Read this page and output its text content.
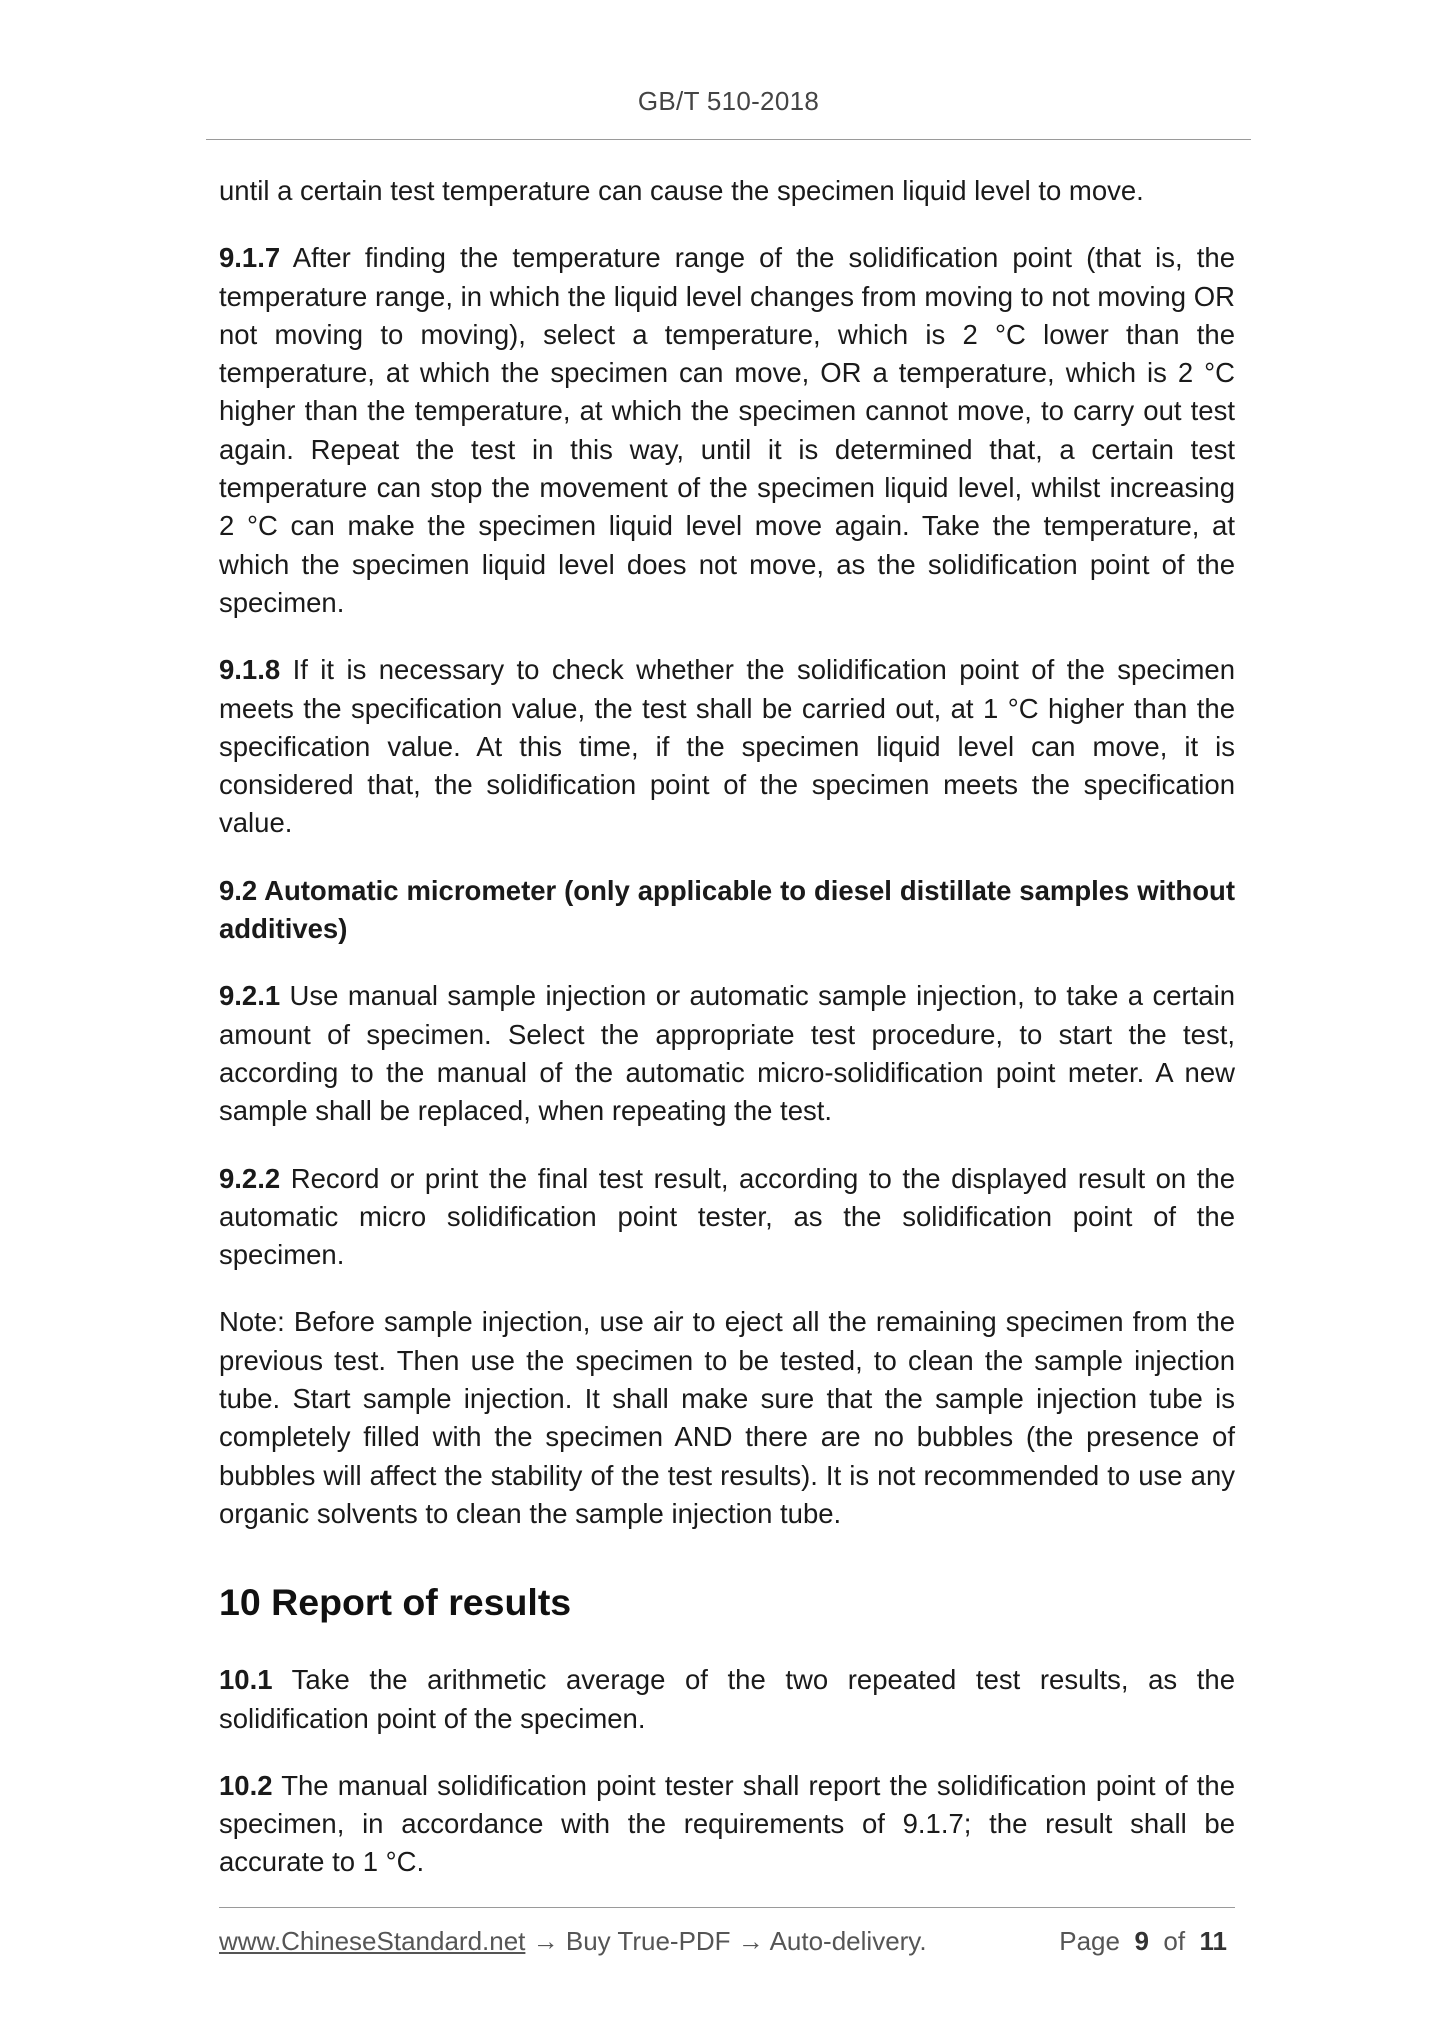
GB/T 510-2018

until a certain test temperature can cause the specimen liquid level to move.

9.1.7 After finding the temperature range of the solidification point (that is, the temperature range, in which the liquid level changes from moving to not moving OR not moving to moving), select a temperature, which is 2 °C lower than the temperature, at which the specimen can move, OR a temperature, which is 2 °C higher than the temperature, at which the specimen cannot move, to carry out test again. Repeat the test in this way, until it is determined that, a certain test temperature can stop the movement of the specimen liquid level, whilst increasing 2 °C can make the specimen liquid level move again. Take the temperature, at which the specimen liquid level does not move, as the solidification point of the specimen.

9.1.8 If it is necessary to check whether the solidification point of the specimen meets the specification value, the test shall be carried out, at 1 °C higher than the specification value. At this time, if the specimen liquid level can move, it is considered that, the solidification point of the specimen meets the specification value.

9.2 Automatic micrometer (only applicable to diesel distillate samples without additives)

9.2.1 Use manual sample injection or automatic sample injection, to take a certain amount of specimen. Select the appropriate test procedure, to start the test, according to the manual of the automatic micro-solidification point meter. A new sample shall be replaced, when repeating the test.

9.2.2 Record or print the final test result, according to the displayed result on the automatic micro solidification point tester, as the solidification point of the specimen.

Note: Before sample injection, use air to eject all the remaining specimen from the previous test. Then use the specimen to be tested, to clean the sample injection tube. Start sample injection. It shall make sure that the sample injection tube is completely filled with the specimen AND there are no bubbles (the presence of bubbles will affect the stability of the test results). It is not recommended to use any organic solvents to clean the sample injection tube.

10 Report of results

10.1 Take the arithmetic average of the two repeated test results, as the solidification point of the specimen.

10.2 The manual solidification point tester shall report the solidification point of the specimen, in accordance with the requirements of 9.1.7; the result shall be accurate to 1 °C.

www.ChineseStandard.net → Buy True-PDF → Auto-delivery.	Page 9 of 11
